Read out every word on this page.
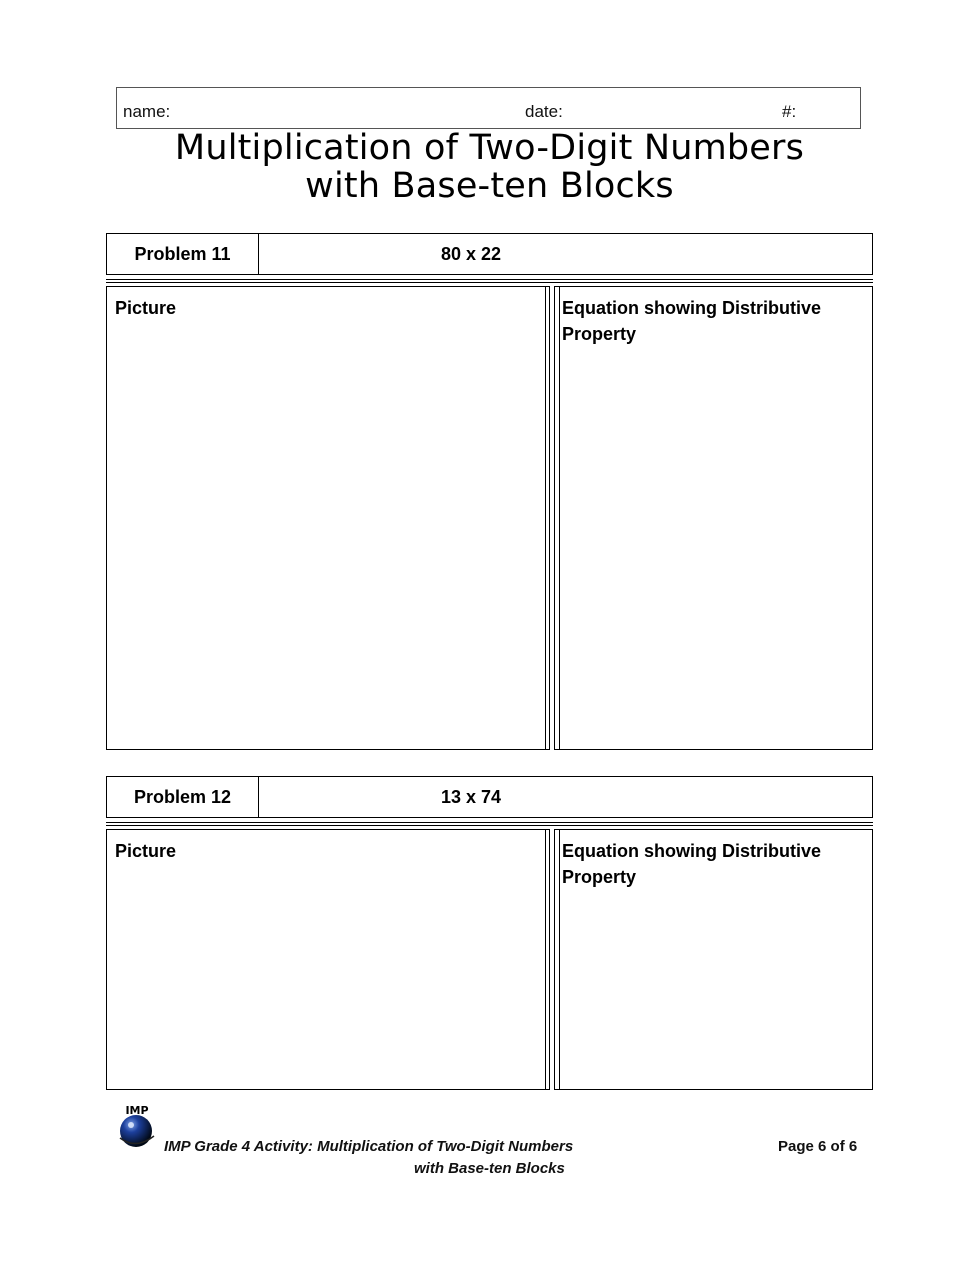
name:	date:	#:
Multiplication of Two-Digit Numbers
with Base-ten Blocks
Problem 11	80 x 22
Picture	Equation showing Distributive
Property
Problem 12	13 x 74
Picture	Equation showing Distributive
Property
IMP
IMP Grade 4 Activity: Multiplication of Two-Digit Numbers
with Base-ten Blocks
Page 6 of 6
